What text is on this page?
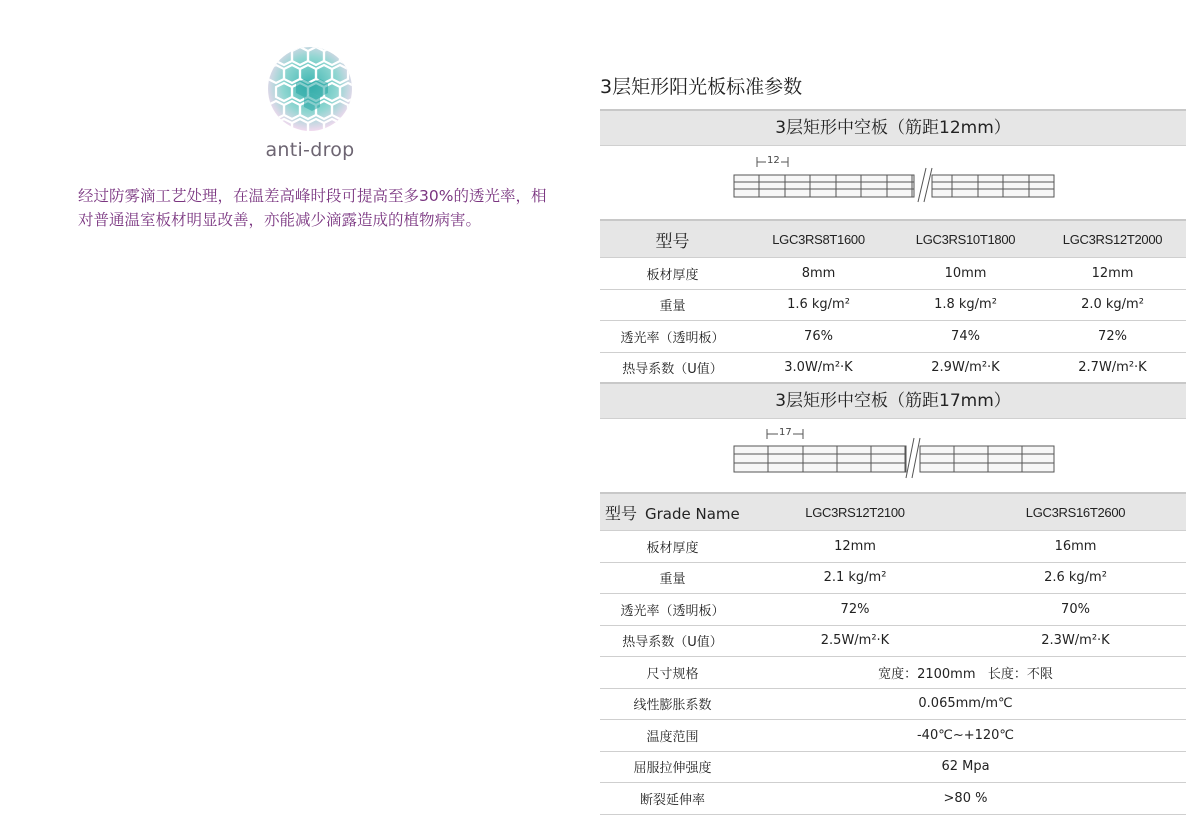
anti-drop
经过防雾滴工艺处理，在温差高峰时段可提高至多30%的透光率，相对普通温室板材明显改善，亦能减少滴露造成的植物病害。
3层矩形阳光板标准参数
3层矩形中空板（筋距12mm）
12
型号	LGC3RS8T1600	LGC3RS10T1800	LGC3RS12T2000
板材厚度	8mm	10mm	12mm
重量	1.6 kg/m²	1.8 kg/m²	2.0 kg/m²
透光率（透明板）	76%	74%	72%
热导系数（U值）	3.0W/m²·K	2.9W/m²·K	2.7W/m²·K
3层矩形中空板（筋距17mm）
17
型号 Grade Name	LGC3RS12T2100	LGC3RS16T2600
板材厚度	12mm	16mm
重量	2.1 kg/m²	2.6 kg/m²
透光率（透明板）	72%	70%
热导系数（U值）	2.5W/m²·K	2.3W/m²·K
尺寸规格	宽度：2100mm   长度：不限	
线性膨胀系数	0.065mm/m℃	
温度范围	-40℃~+120℃	
屈服拉伸强度	62 Mpa	
断裂延伸率	>80 %	
